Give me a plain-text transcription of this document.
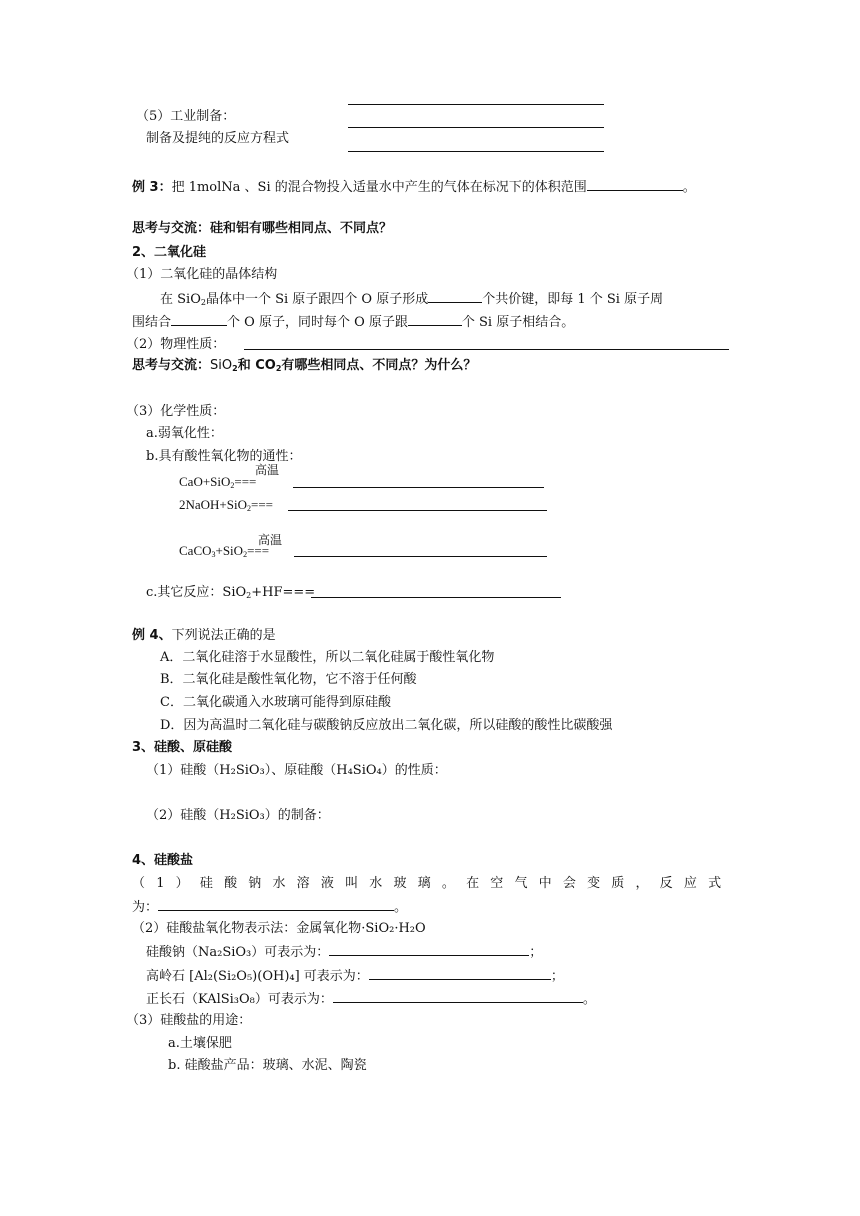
（5）工业制备：
制备及提纯的反应方程式
例 3：把 1molNa 、Si 的混合物投入适量水中产生的气体在标况下的体积范围	。
思考与交流：硅和铝有哪些相同点、不同点？
2、二氧化硅
（1）二氧化硅的晶体结构
在 SiO$_2$晶体中一个 Si 原子跟四个 O 原子形成	个共价键，即每 1 个 Si 原子周
围结合	个 O 原子，同时每个 O 原子跟	个 Si 原子相结合。
（2）物理性质：
思考与交流：SiO$_2$和 $CO_2$有哪些相同点、不同点？为什么？
（3）化学性质：
a.弱氧化性：
b.具有酸性氧化物的通性：
高温
CaO+SiO$_2$===
2NaOH+SiO$_2$===
高温
CaCO$_3$+SiO$_2$===
c.其它反应：SiO$_2$+HF===
例 4、下列说法正确的是
A．二氧化硅溶于水显酸性，所以二氧化硅属于酸性氧化物
B．二氧化硅是酸性氧化物，它不溶于任何酸
C．二氧化碳通入水玻璃可能得到原硅酸
D．因为高温时二氧化硅与碳酸钠反应放出二氧化碳，所以硅酸的酸性比碳酸强
3、硅酸、原硅酸
（1）硅酸（H₂SiO₃）、原硅酸（H₄SiO₄）的性质：
（2）硅酸（H₂SiO₃）的制备：
4、硅酸盐
（1）硅酸钠水溶液叫水玻璃。在空气中会变质，反应式
为：	。
（2）硅酸盐氧化物表示法：金属氧化物·SiO₂·H₂O
硅酸钠（Na₂SiO₃）可表示为：	；
高岭石 [Al₂(Si₂O₅)(OH)₄] 可表示为：	；
正长石（KAlSi₃O₈）可表示为：	。
（3）硅酸盐的用途：
a.土壤保肥
b. 硅酸盐产品：玻璃、水泥、陶瓷
